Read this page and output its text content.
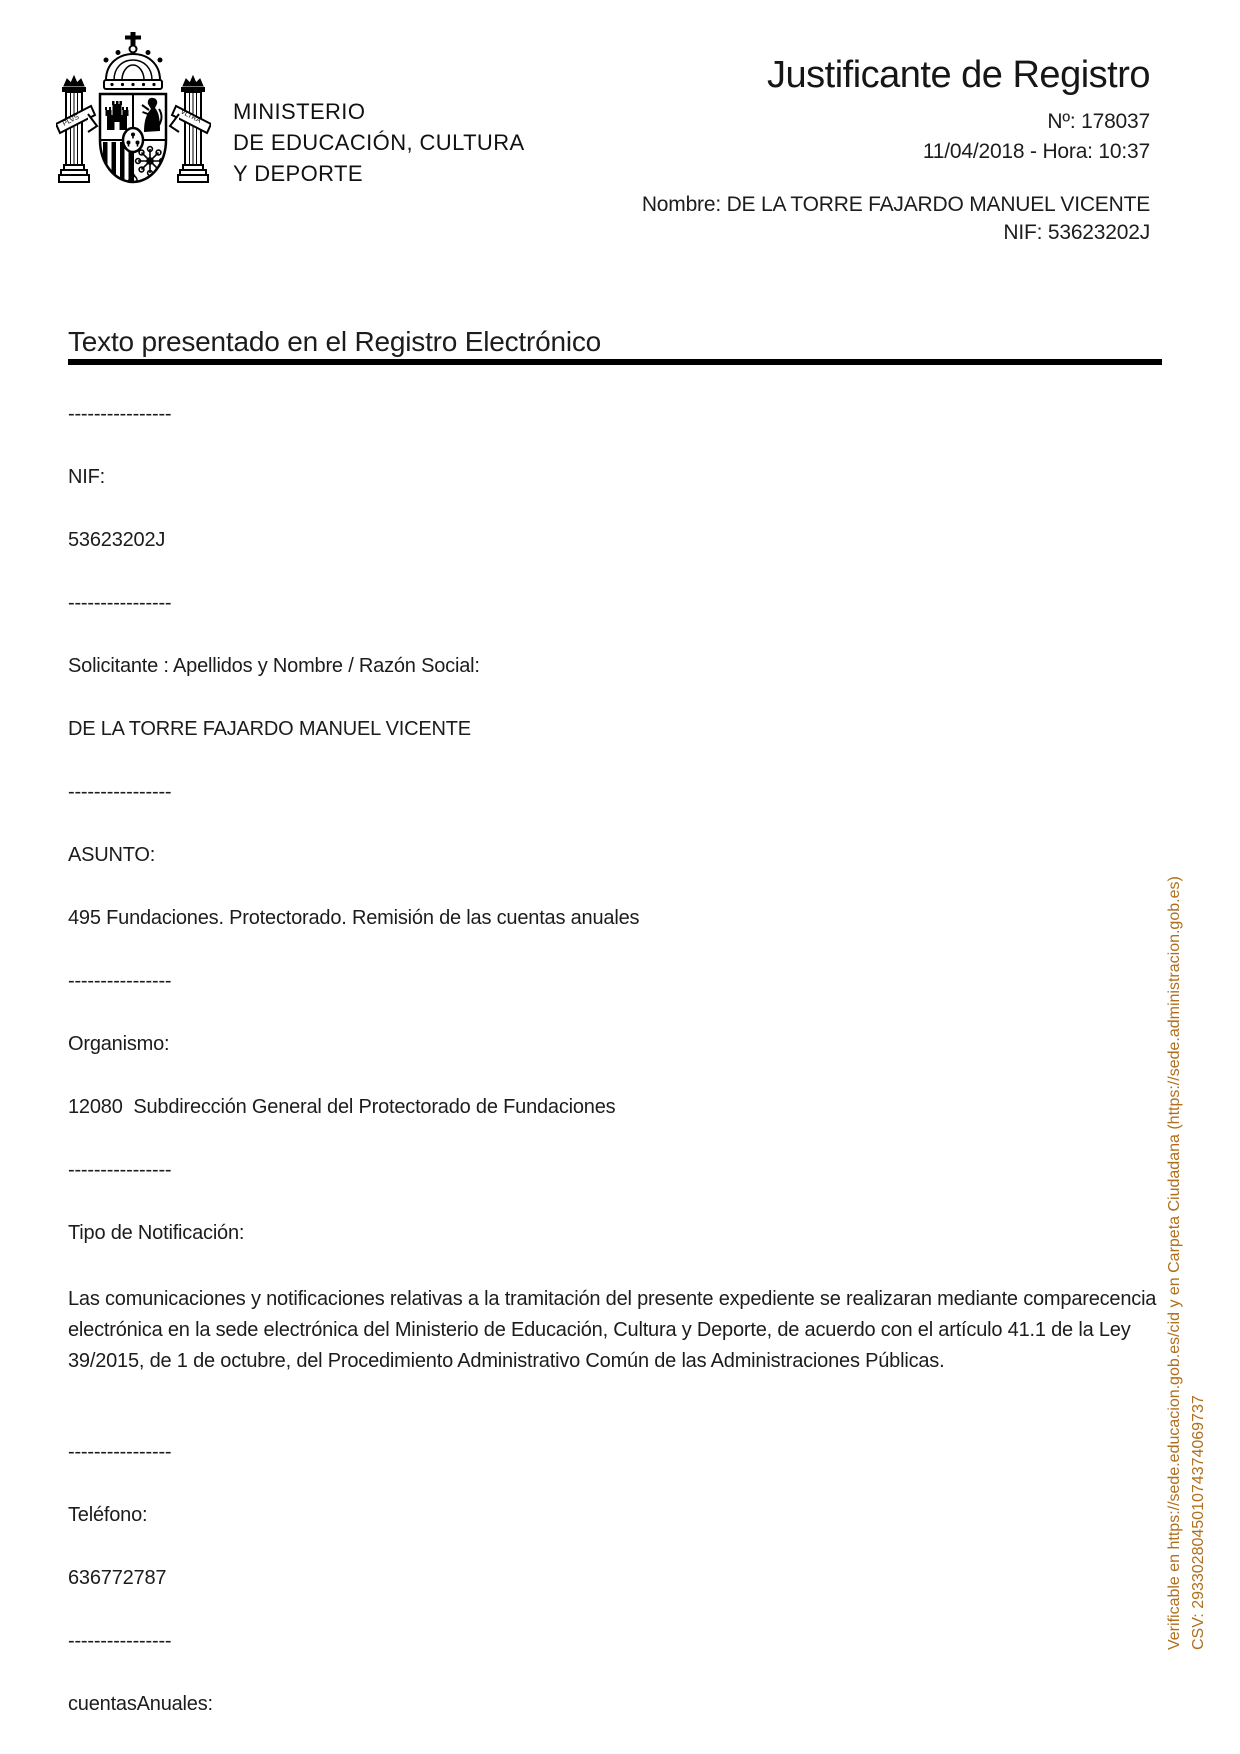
PLVS	VLTRA MINISTERIO
DE EDUCACIÓN, CULTURA
Y DEPORTE
Justificante de Registro
Nº: 178037
11/04/2018 - Hora: 10:37
Nombre: DE LA TORRE FAJARDO MANUEL VICENTE
NIF: 53623202J
Texto presentado en el Registro Electrónico
----------------
NIF:
53623202J
----------------
Solicitante : Apellidos y Nombre / Razón Social:
DE LA TORRE FAJARDO MANUEL VICENTE
----------------
ASUNTO:
495 Fundaciones. Protectorado. Remisión de las cuentas anuales
----------------
Organismo:
12080  Subdirección General del Protectorado de Fundaciones
----------------
Tipo de Notificación:
Las comunicaciones y notificaciones relativas a la tramitación del presente expediente se realizaran mediante comparecencia electrónica en la sede electrónica del Ministerio de Educación, Cultura y Deporte, de acuerdo con el artículo 41.1 de la Ley 39/2015, de 1 de octubre, del Procedimiento Administrativo Común de las Administraciones Públicas.
----------------
Teléfono:
636772787
----------------
cuentasAnuales:
Verificable en https://sede.educacion.gob.es/cid y en Carpeta Ciudadana (https://sede.administracion.gob.es) CSV: 293302804501074374069737
